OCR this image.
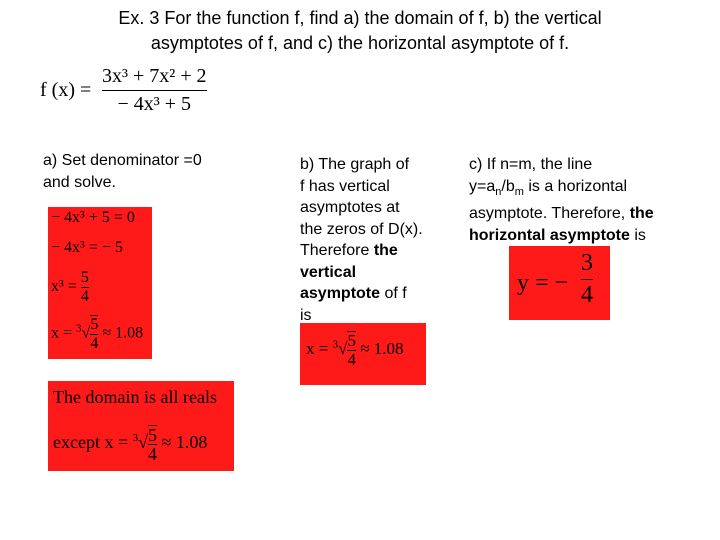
Ex. 3 For the function f, find a) the domain of f, b) the vertical
asymptotes of f, and c) the horizontal asymptote of f.
f (x) =
3x³ + 7x² + 2
− 4x³ + 5
a) Set denominator =0
and solve.
− 4x³ + 5 = 0
− 4x³ = − 5
$x^3 = \frac{5}{4}$
$x = ^3√ \frac{5}{4} \approx 1.08$
The domain is all reals
except $x = ^3√ \frac{5}{4} \approx 1.08$
b) The graph of
f has vertical
asymptotes at
the zeros of D(x).
Therefore the
vertical
asymptote of f
is
$x = ^3√ \frac{5}{4} \approx 1.08$
c) If n=m, the line
$y=a_n/b_m$ is a horizontal
asymptote. Therefore, the
horizontal asymptote is
y = −
3
4
